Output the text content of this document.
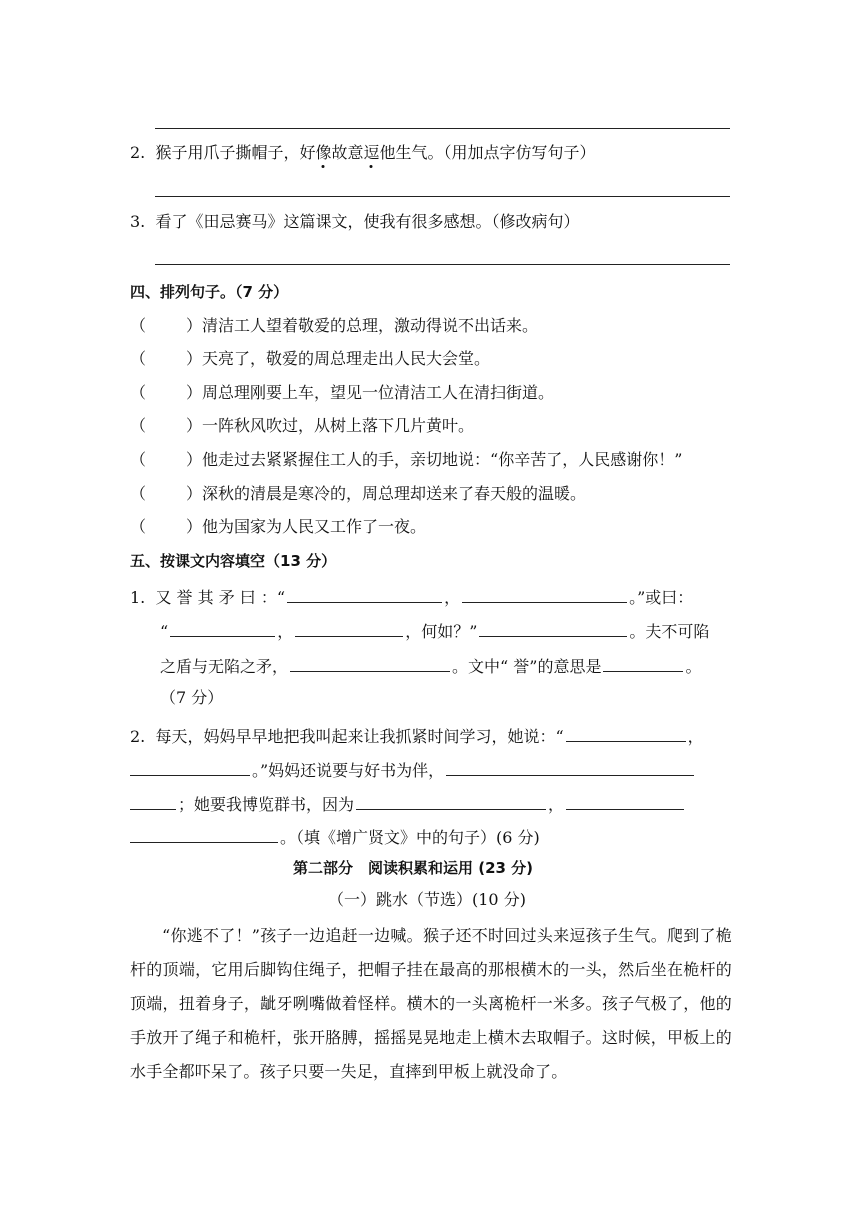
2. 猴子用爪子撕帽子，好像故意逗他生气。（用加点字仿写句子）
3. 看了《田忌赛马》这篇课文，使我有很多感想。（修改病句）
四、排列句子。（7 分）
（	）清洁工人望着敬爱的总理，激动得说不出话来。
（	）天亮了，敬爱的周总理走出人民大会堂。
（	）周总理刚要上车，望见一位清洁工人在清扫街道。
（	）一阵秋风吹过，从树上落下几片黄叶。
（	）他走过去紧紧握住工人的手，亲切地说：“你辛苦了，人民感谢你！”
（	）深秋的清晨是寒冷的，周总理却送来了春天般的温暖。
（	）他为国家为人民又工作了一夜。
五、按课文内容填空（13 分）
1. 又 誉 其 矛 曰 ：“	，	。”或曰：
“	，	，何如？”	。夫不可陷
之盾与无陷之矛，	。文中“ 誉”的意思是	。
（7 分）
2. 每天，妈妈早早地把我叫起来让我抓紧时间学习，她说：“	，
。”妈妈还说要与好书为伴，
；她要我博览群书，因为	，
。（填《增广贤文》中的句子）(6 分)
第二部分　阅读积累和运用 (23 分)
（一）跳水（节选）(10 分)
“你逃不了！”孩子一边追赶一边喊。猴子还不时回过头来逗孩子生气。爬到了桅杆的顶端，它用后脚钩住绳子，把帽子挂在最高的那根横木的一头，然后坐在桅杆的顶端，扭着身子，龇牙咧嘴做着怪样。横木的一头离桅杆一米多。孩子气极了，他的手放开了绳子和桅杆，张开胳膊，摇摇晃晃地走上横木去取帽子。这时候，甲板上的水手全都吓呆了。孩子只要一失足，直摔到甲板上就没命了。
